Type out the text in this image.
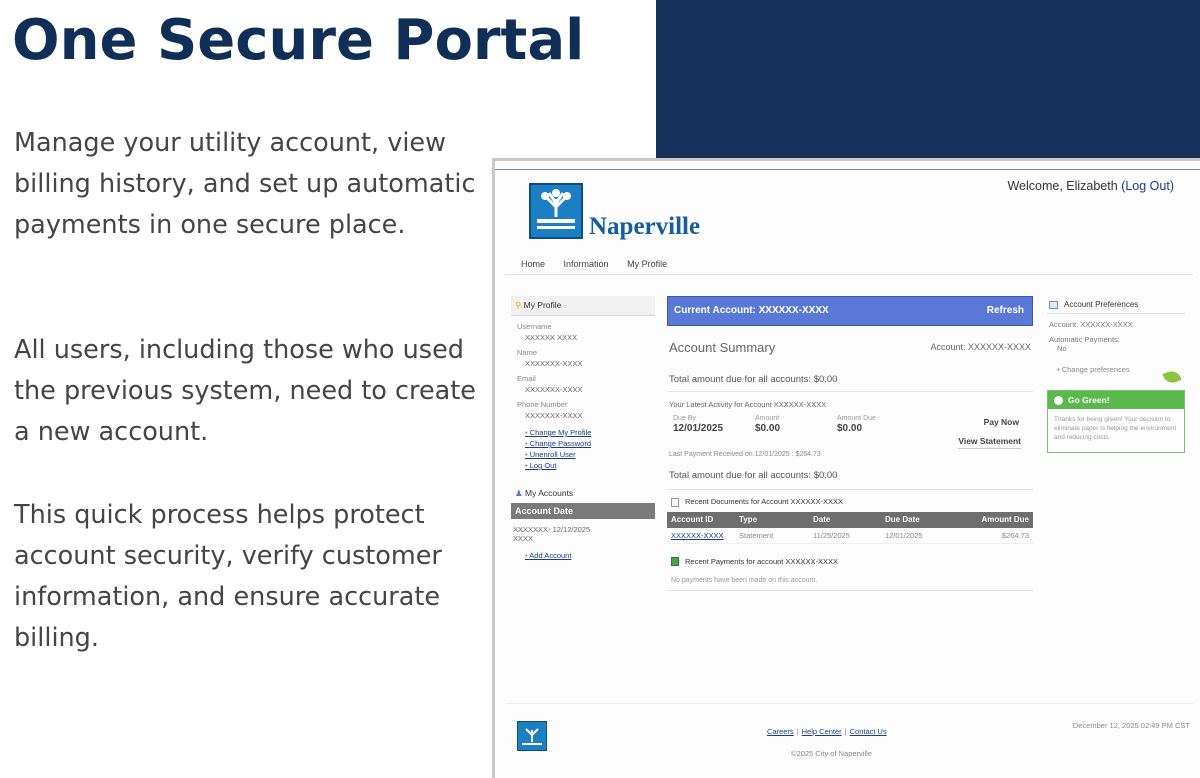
One Secure Portal
Manage your utility account, view billing history, and set up automatic payments in one secure place.
All users, including those who used the previous system, need to create a new account.
This quick process helps protect account security, verify customer information, and ensure accurate billing.
Welcome, Elizabeth (Log Out)
Naperville
Home Information My Profile
⚲ My Profile
Username
XXXXXX XXXX
Name
XXXXXXX-XXXX
Email
XXXXXXX-XXXX
Phone Number
XXXXXXX-XXXX
• Change My Profile
• Change Password
• Unenroll User
• Log Out
♟ My Accounts
Account Date
XXXXXXX- 12/12/2025 XXXX
• Add Account
Current Account: XXXXXX-XXXX	Refresh
Account Summary	Account: XXXXXX-XXXX
Total amount due for all accounts: $0.00
Your Latest Activity for Account XXXXXX-XXXX
Due By
12/01/2025
Amount
$0.00
Amount Due
$0.00
Pay Now
View Statement
Last Payment Received on 12/01/2025 : $264.73
Total amount due for all accounts: $0.00
Recent Documents for Account XXXXXX-XXXX
Account ID	Type	Date	Due Date	Amount Due
XXXXXX-XXXX	Statement	11/25/2025	12/01/2025	$264.73
Recent Payments for account XXXXXX-XXXX
No payments have been made on this account.
Account Preferences
Account: XXXXXX-XXXX
Automatic Payments:
No
• Change preferences
Go Green!
Thanks for being green! Your decision to eliminate paper is helping the environment and reducing costs.
Careers | Help Center | Contact Us
©2025 City of Naperville
December 12, 2025 02:49 PM CST
